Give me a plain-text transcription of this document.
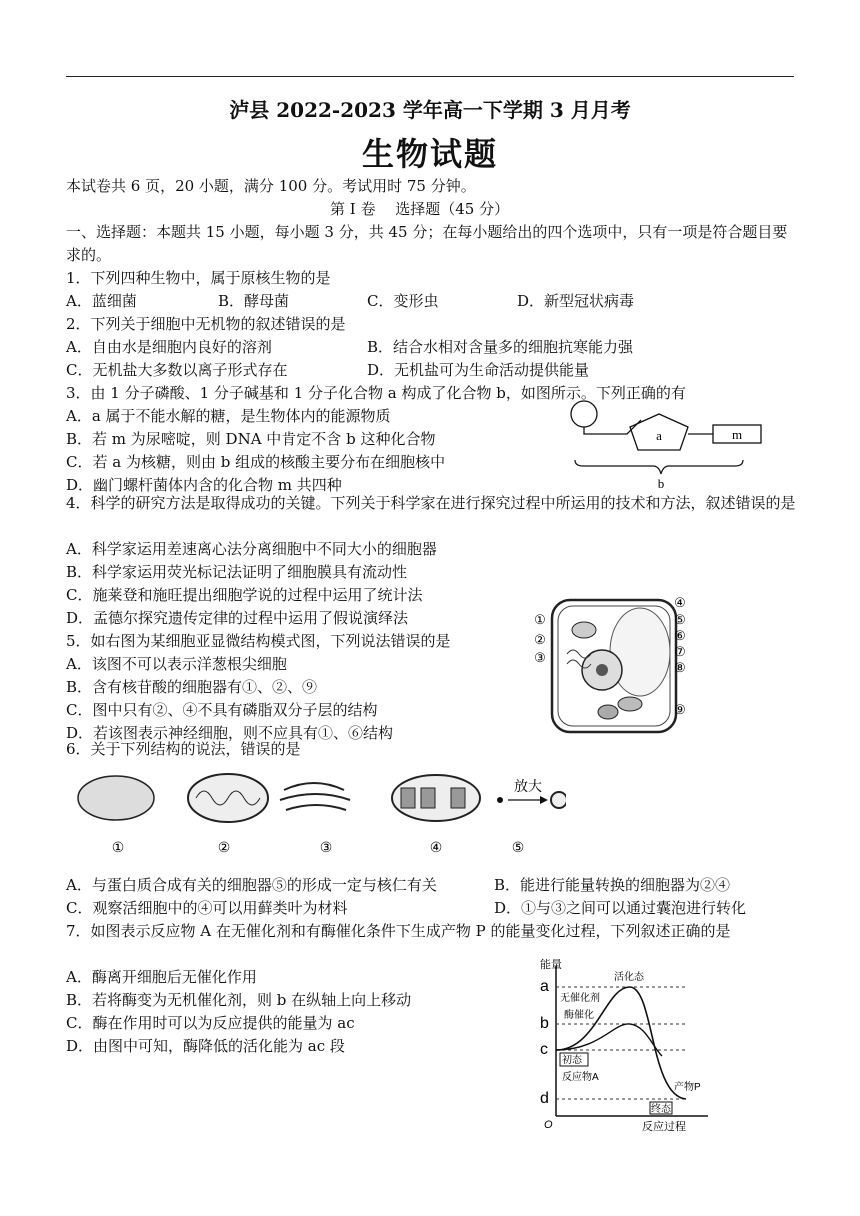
泸县 2022-2023 学年高一下学期 3 月月考
生物试题
本试卷共 6 页，20 小题，满分 100 分。考试用时 75 分钟。
第 I 卷　 选择题（45 分）
一、选择题：本题共 15 小题，每小题 3 分，共 45 分；在每小题给出的四个选项中，只有一项是符合题目要求的。
1．下列四种生物中，属于原核生物的是
A．蓝细菌	B．酵母菌	C．变形虫	D．新型冠状病毒
2．下列关于细胞中无机物的叙述错误的是
A．自由水是细胞内良好的溶剂	B．结合水相对含量多的细胞抗寒能力强
C．无机盐大多数以离子形式存在	D．无机盐可为生命活动提供能量
3．由 1 分子磷酸、1 分子碱基和 1 分子化合物 a 构成了化合物 b，如图所示。下列正确的有
A．a 属于不能水解的糖，是生物体内的能源物质
B．若 m 为尿嘧啶，则 DNA 中肯定不含 b 这种化合物
C．若 a 为核糖，则由 b 组成的核酸主要分布在细胞核中
D．幽门螺杆菌体内含的化合物 m 共四种
a	m
b
4．科学的研究方法是取得成功的关键。下列关于科学家在进行探究过程中所运用的技术和方法，叙述错误的是
A．科学家运用差速离心法分离细胞中不同大小的细胞器
B．科学家运用荧光标记法证明了细胞膜具有流动性
C．施莱登和施旺提出细胞学说的过程中运用了统计法
D．孟德尔探究遗传定律的过程中运用了假说演绎法
5．如右图为某细胞亚显微结构模式图，下列说法错误的是
A．该图不可以表示洋葱根尖细胞
B．含有核苷酸的细胞器有①、②、⑨
C．图中只有②、④不具有磷脂双分子层的结构
D．若该图表示神经细胞，则不应具有①、⑥结构
①
②
③
④
⑤
⑥
⑦
⑧
⑨
6．关于下列结构的说法，错误的是
放大
①	②	③	④	⑤
A．与蛋白质合成有关的细胞器⑤的形成一定与核仁有关	B．能进行能量转换的细胞器为②④
C．观察活细胞中的④可以用藓类叶为材料	D．①与③之间可以通过囊泡进行转化
7．如图表示反应物 A 在无催化剂和有酶催化条件下生成产物 P 的能量变化过程，下列叙述正确的是
A．酶离开细胞后无催化作用
B．若将酶变为无机催化剂，则 b 在纵轴上向上移动
C．酶在作用时可以为反应提供的能量为 ac
D．由图中可知，酶降低的活化能为 ac 段
能量
反应过程
O
a
b
c
d
活化态
无催化剂
酶催化
初态
反应物A
产物P
终态
